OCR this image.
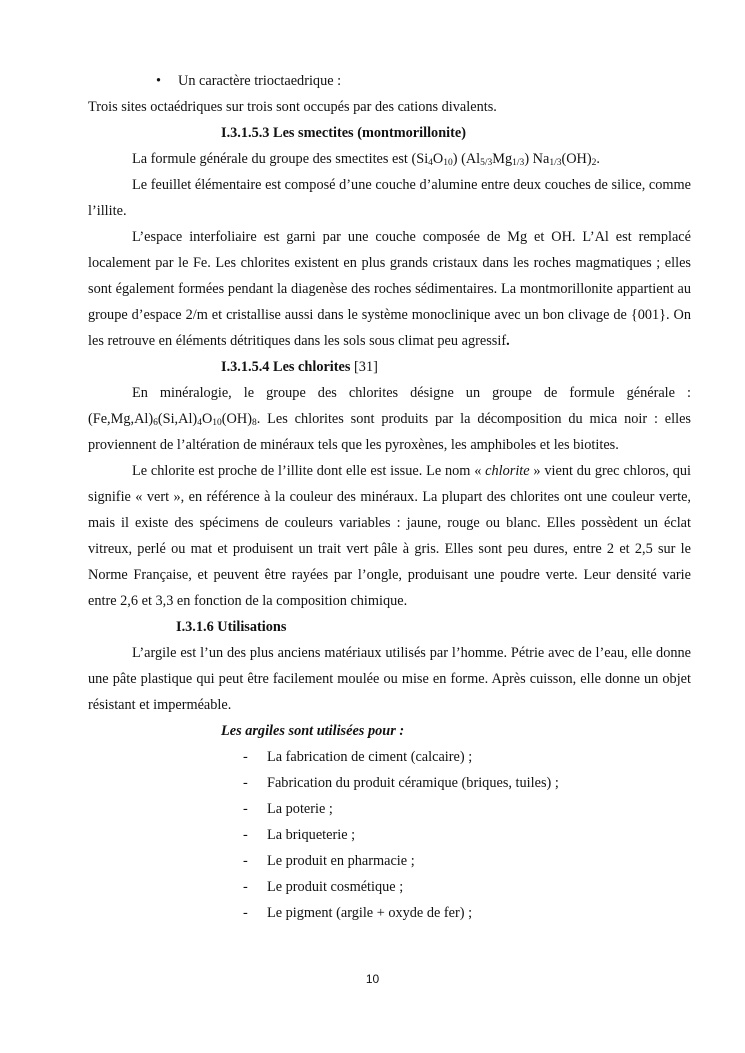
• Un caractère trioctaedrique :

Trois sites octaédriques sur trois sont occupés par des cations divalents.

I.3.1.5.3 Les smectites (montmorillonite)

La formule générale du groupe des smectites est $(Si_4O_{10})$ $(Al_{5/3}Mg_{1/3})$ $Na_{1/3}(OH)_2$.

Le feuillet élémentaire est composé d’une couche d’alumine entre deux couches de silice, comme l’illite.

L’espace interfoliaire est garni par une couche composée de Mg et OH. L’Al est remplacé localement par le Fe. Les chlorites existent en plus grands cristaux dans les roches magmatiques ; elles sont également formées pendant la diagenèse des roches sédimentaires. La montmorillonite appartient au groupe d’espace 2/m et cristallise aussi dans le système monoclinique avec un bon clivage de {001}. On les retrouve en éléments détritiques dans les sols sous climat peu agressif.

I.3.1.5.4 Les chlorites [31]

En minéralogie, le groupe des chlorites désigne un groupe de formule générale : $(Fe,Mg,Al)_6(Si,Al)_4O_{10}(OH)_8$. Les chlorites sont produits par la décomposition du mica noir : elles proviennent de l’altération de minéraux tels que les pyroxènes, les amphiboles et les biotites.

Le chlorite est proche de l’illite dont elle est issue. Le nom « chlorite » vient du grec chloros, qui signifie « vert », en référence à la couleur des minéraux. La plupart des chlorites ont une couleur verte, mais il existe des spécimens de couleurs variables : jaune, rouge ou blanc. Elles possèdent un éclat vitreux, perlé ou mat et produisent un trait vert pâle à gris. Elles sont peu dures, entre 2 et 2,5 sur le Norme Française, et peuvent être rayées par l’ongle, produisant une poudre verte. Leur densité varie entre 2,6 et 3,3 en fonction de la composition chimique.

I.3.1.6 Utilisations

L’argile est l’un des plus anciens matériaux utilisés par l’homme. Pétrie avec de l’eau, elle donne une pâte plastique qui peut être facilement moulée ou mise en forme. Après cuisson, elle donne un objet résistant et imperméable.

Les argiles sont utilisées pour :

- La fabrication de ciment (calcaire) ;

- Fabrication du produit céramique (briques, tuiles) ;

- La poterie ;

- La briqueterie ;

- Le produit en pharmacie ;

- Le produit cosmétique ;

- Le pigment (argile + oxyde de fer) ;

10
